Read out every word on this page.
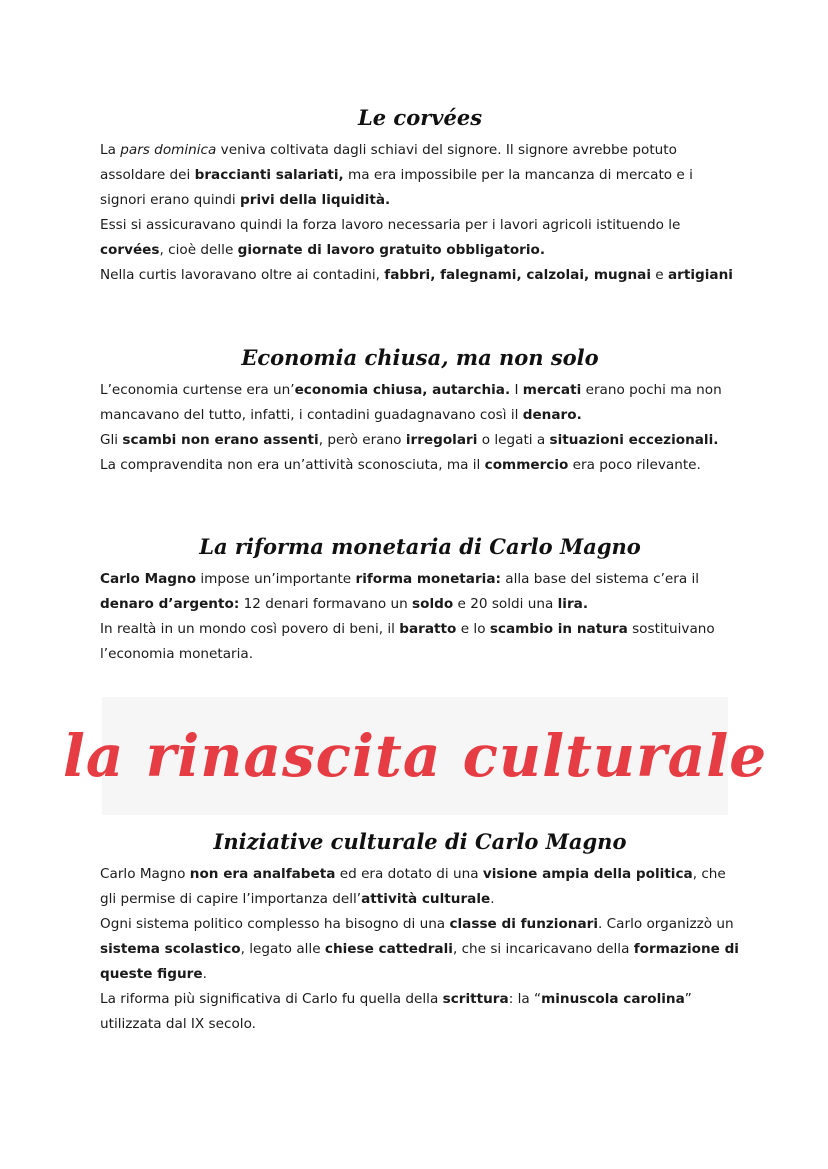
Le corvées

La pars dominica veniva coltivata dagli schiavi del signore. Il signore avrebbe potuto assoldare dei braccianti salariati, ma era impossibile per la mancanza di mercato e i signori erano quindi privi della liquidità.

Essi si assicuravano quindi la forza lavoro necessaria per i lavori agricoli istituendo le corvées, cioè delle giornate di lavoro gratuito obbligatorio.

Nella curtis lavoravano oltre ai contadini, fabbri, falegnami, calzolai, mugnai e artigiani

Economia chiusa, ma non solo

L’economia curtense era un’economia chiusa, autarchia. I mercati erano pochi ma non mancavano del tutto, infatti, i contadini guadagnavano così il denaro.

Gli scambi non erano assenti, però erano irregolari o legati a situazioni eccezionali.

La compravendita non era un’attività sconosciuta, ma il commercio era poco rilevante.

La riforma monetaria di Carlo Magno

Carlo Magno impose un’importante riforma monetaria: alla base del sistema c’era il denaro d’argento: 12 denari formavano un soldo e 20 soldi una lira.

In realtà in un mondo così povero di beni, il baratto e lo scambio in natura sostituivano l’economia monetaria.

la rinascita culturale
Iniziative culturale di Carlo Magno

Carlo Magno non era analfabeta ed era dotato di una visione ampia della politica, che gli permise di capire l’importanza dell’attività culturale.

Ogni sistema politico complesso ha bisogno di una classe di funzionari. Carlo organizzò un sistema scolastico, legato alle chiese cattedrali, che si incaricavano della formazione di queste figure.

La riforma più significativa di Carlo fu quella della scrittura: la “minuscola carolina” utilizzata dal IX secolo.
